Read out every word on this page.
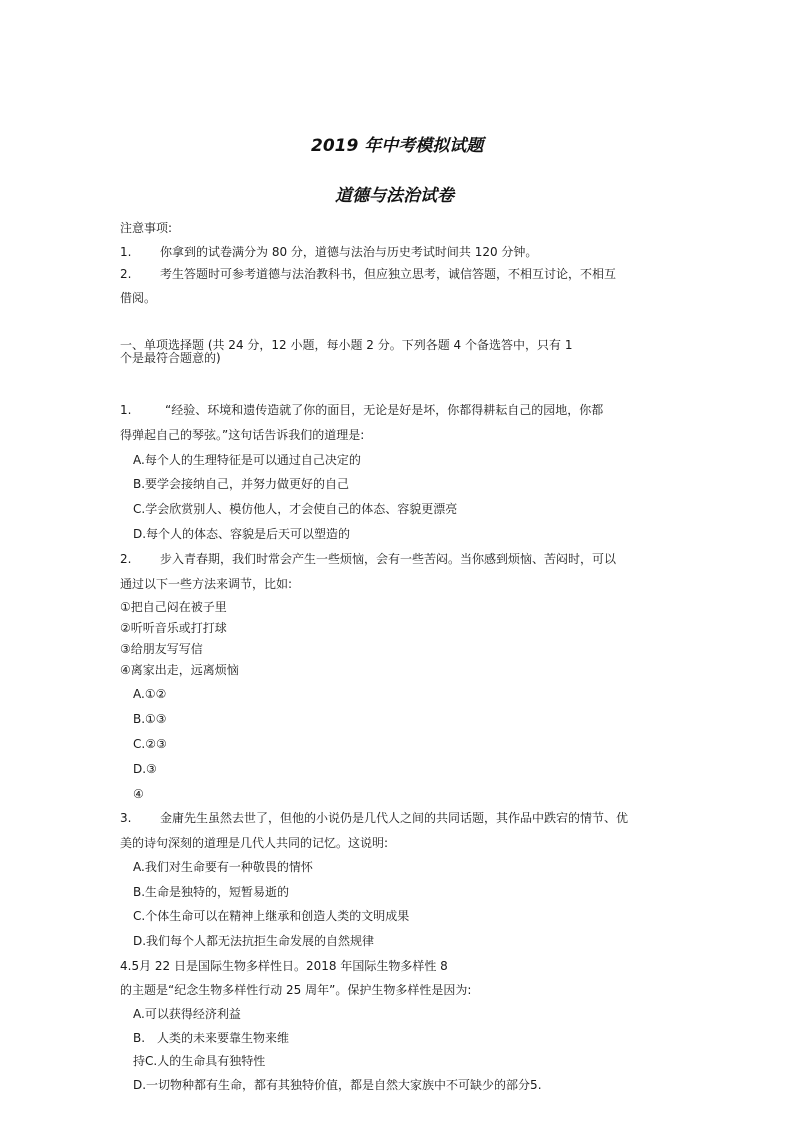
2019 年中考模拟试题
道德与法治试卷
注意事项:
1. 你拿到的试卷满分为 80 分，道德与法治与历史考试时间共 120 分钟。
2. 考生答题时可参考道德与法治教科书，但应独立思考，诚信答题，不相互讨论，不相互
借阅。
一、单项选择题 (共 24 分，12 小题，每小题 2 分。下列各题 4 个备选答中，只有 1
个是最符合题意的)
1.	“经验、环境和遗传造就了你的面目，无论是好是坏，你都得耕耘自己的园地，你都
得弹起自己的琴弦。”这句话告诉我们的道理是:
A.每个人的生理特征是可以通过自己决定的
B.要学会接纳自己，并努力做更好的自己
C.学会欣赏别人、模仿他人，才会使自己的体态、容貌更漂亮
D.每个人的体态、容貌是后天可以塑造的
2. 步入青春期，我们时常会产生一些烦恼，会有一些苦闷。当你感到烦恼、苦闷时，可以
通过以下一些方法来调节，比如:
①把自己闷在被子里
②听听音乐或打打球
③给朋友写写信
④离家出走，远离烦恼
A.①②
B.①③
C.②③
D.③
④
3. 金庸先生虽然去世了，但他的小说仍是几代人之间的共同话题，其作品中跌宕的情节、优
美的诗句深刻的道理是几代人共同的记忆。这说明:
A.我们对生命要有一种敬畏的情怀
B.生命是独特的，短暂易逝的
C.个体生命可以在精神上继承和创造人类的文明成果
D.我们每个人都无法抗拒生命发展的自然规律
4.5月 22 日是国际生物多样性日。2018 年国际生物多样性 8
的主题是“纪念生物多样性行动 25 周年”。保护生物多样性是因为:
A.可以获得经济利益
B.　人类的未来要靠生物来维
持C.人的生命具有独特性
D.一切物种都有生命，都有其独特价值，都是自然大家族中不可缺少的部分5.
